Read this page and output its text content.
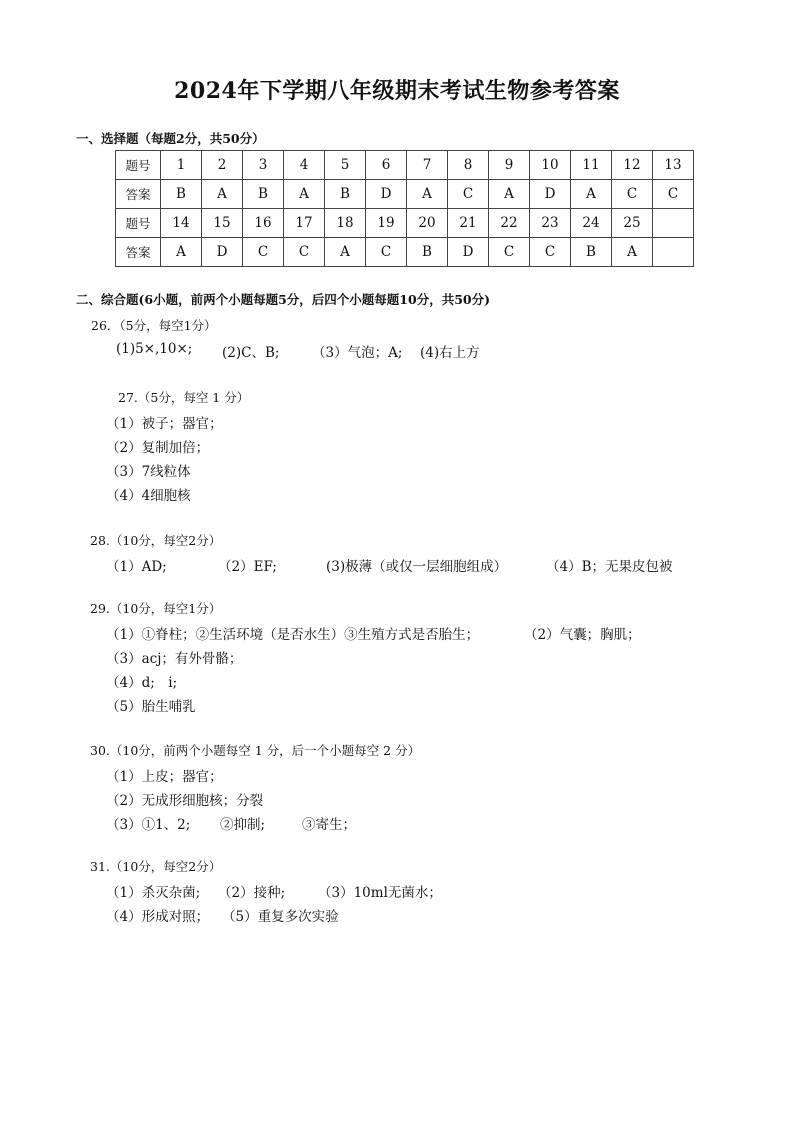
2024年下学期八年级期末考试生物参考答案
一、选择题（每题2分，共50分）
题号	1	2	3	4	5	6	7	8	9	10	11	12	13
答案	B	A	B	A	B	D	A	C	A	D	A	C	C
题号	14	15	16	17	18	19	20	21	22	23	24	25	
答案	A	D	C	C	A	C	B	D	C	C	B	A	
二、综合题(6小题，前两个小题每题5分，后四个小题每题10分，共50分)
26．（5分，每空1分）
(1)5×,10×; (2)C、B; （3）气泡；A; (4)右上方
27.（5分，每空 1 分）
（1）被子；器官；
（2）复制加倍；
（3）7线粒体
（4）4细胞核
28.（10分，每空2分）
（1）AD;	（2）EF;	(3)极薄（或仅一层细胞组成）	（4）B；无果皮包被
29.（10分，每空1分）
（1）①脊柱；②生活环境（是否水生）③生殖方式是否胎生；	（2）气囊；胸肌；
（3）acj；有外骨骼；
（4）d;　i;
（5）胎生哺乳
30.（10分，前两个小题每空 1 分，后一个小题每空 2 分）
（1）上皮；器官；
（2）无成形细胞核；分裂
（3）①1、2; ②抑制;	③寄生；
31.（10分，每空2分）
（1）杀灭杂菌; （2）接种; （3）10ml无菌水；
（4）形成对照； （5）重复多次实验
